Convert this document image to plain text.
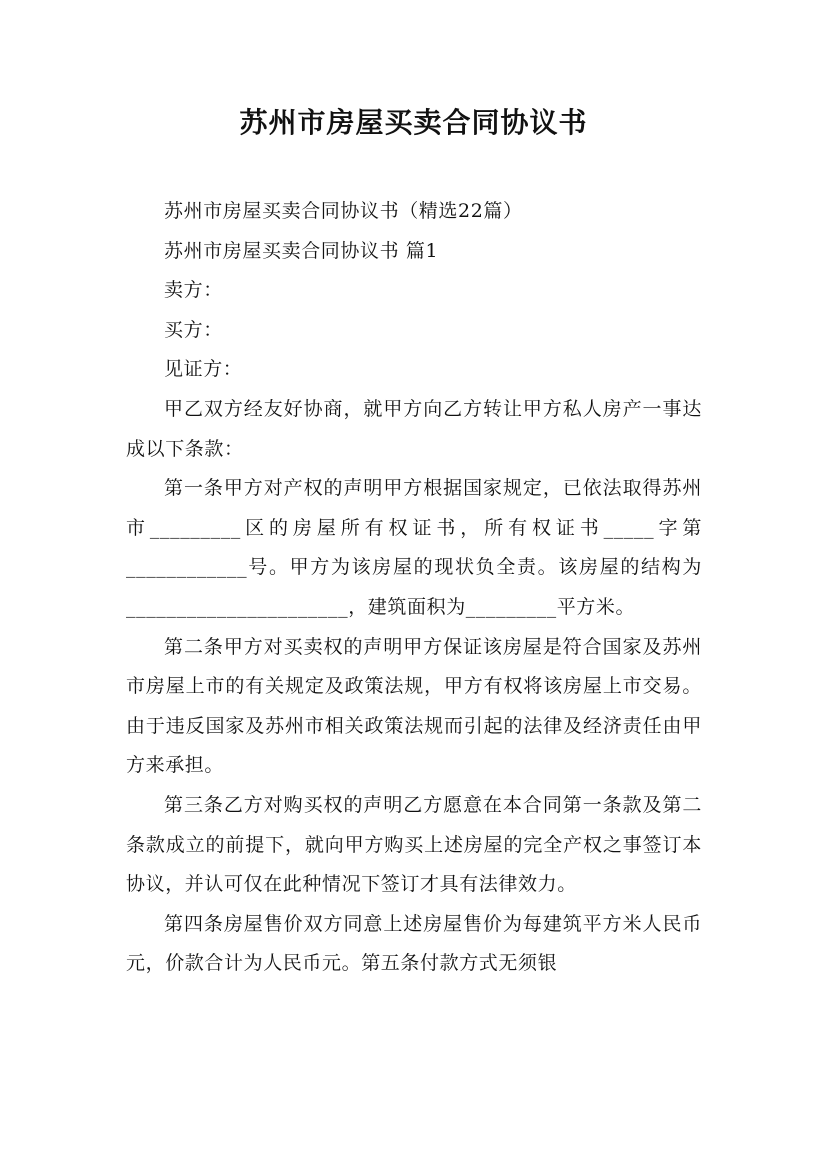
苏州市房屋买卖合同协议书

苏州市房屋买卖合同协议书（精选22篇）

苏州市房屋买卖合同协议书 篇1

卖方：

买方：

见证方：

甲乙双方经友好协商，就甲方向乙方转让甲方私人房产一事达成以下条款：

第一条甲方对产权的声明甲方根据国家规定，已依法取得苏州市_________区的房屋所有权证书，所有权证书_____字第____________号。甲方为该房屋的现状负全责。该房屋的结构为______________________，建筑面积为_________平方米。

第二条甲方对买卖权的声明甲方保证该房屋是符合国家及苏州市房屋上市的有关规定及政策法规，甲方有权将该房屋上市交易。由于违反国家及苏州市相关政策法规而引起的法律及经济责任由甲方来承担。

第三条乙方对购买权的声明乙方愿意在本合同第一条款及第二条款成立的前提下，就向甲方购买上述房屋的完全产权之事签订本协议，并认可仅在此种情况下签订才具有法律效力。

第四条房屋售价双方同意上述房屋售价为每建筑平方米人民币元，价款合计为人民币元。第五条付款方式无须银
